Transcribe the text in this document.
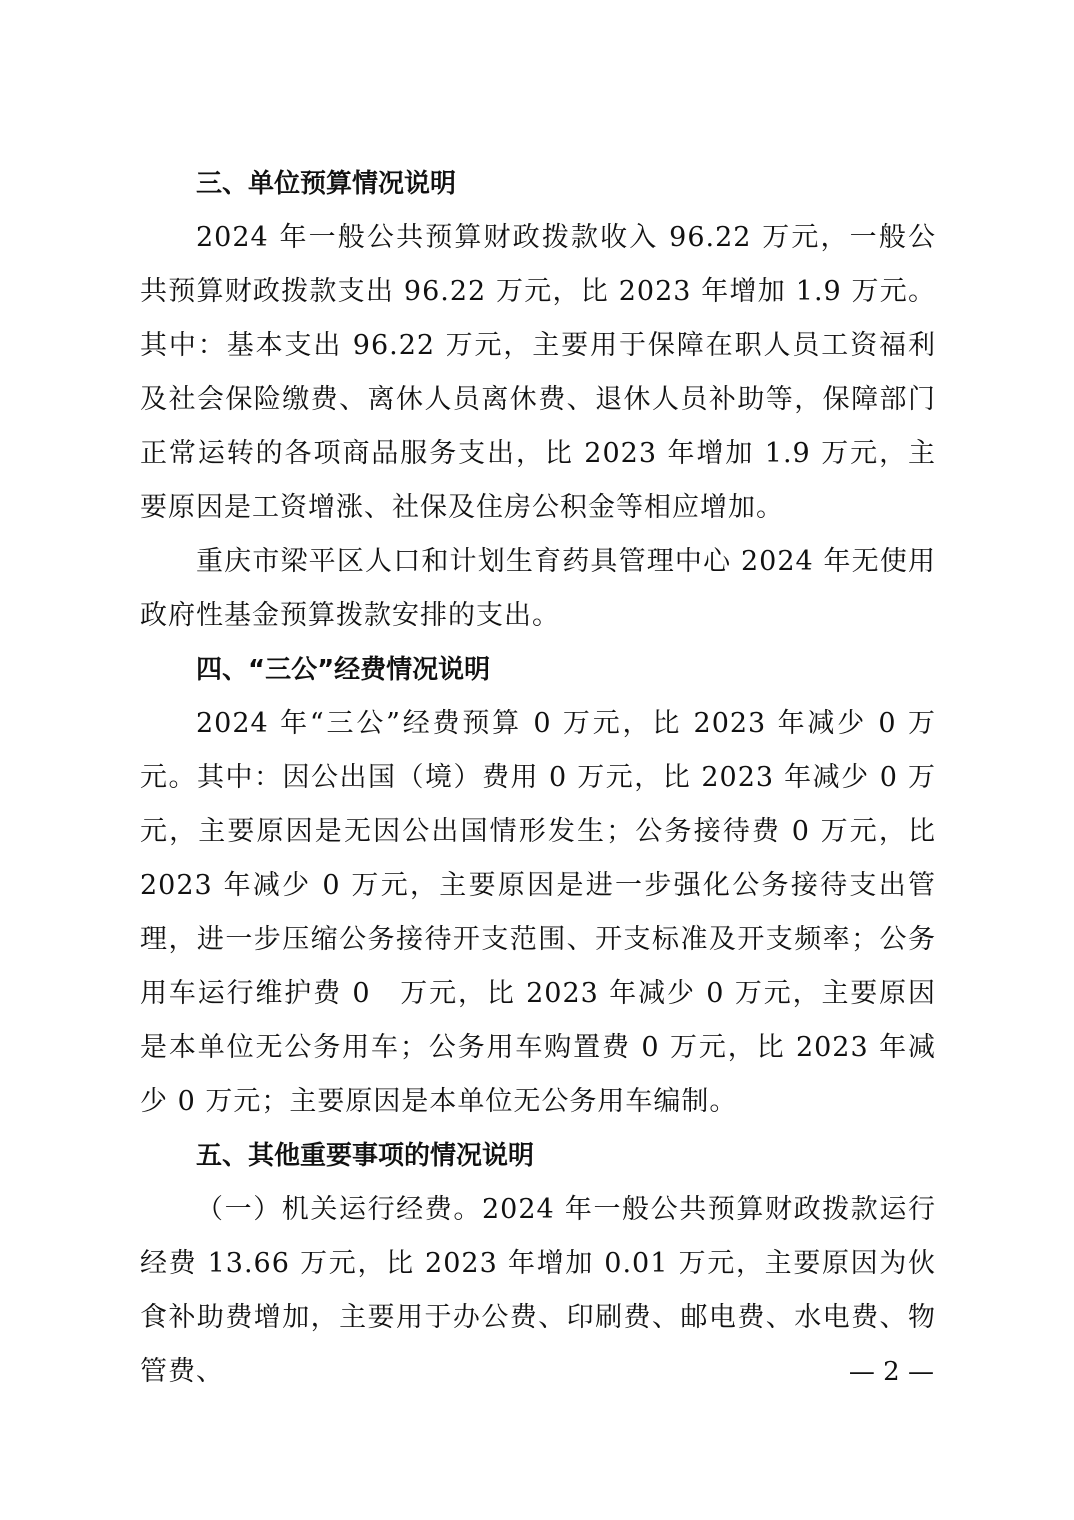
三、单位预算情况说明

2024 年一般公共预算财政拨款收入 96.22 万元，一般公共预算财政拨款支出 96.22 万元，比 2023 年增加 1.9 万元。其中：基本支出 96.22 万元，主要用于保障在职人员工资福利及社会保险缴费、离休人员离休费、退休人员补助等，保障部门正常运转的各项商品服务支出，比 2023 年增加 1.9 万元，主要原因是工资增涨、社保及住房公积金等相应增加。

重庆市梁平区人口和计划生育药具管理中心 2024 年无使用政府性基金预算拨款安排的支出。

四、“三公”经费情况说明

2024 年“三公”经费预算 0 万元，比 2023 年减少 0 万元。其中：因公出国（境）费用 0 万元，比 2023 年减少 0 万元，主要原因是无因公出国情形发生；公务接待费 0 万元，比 2023 年减少 0 万元，主要原因是进一步强化公务接待支出管理，进一步压缩公务接待开支范围、开支标准及开支频率；公务用车运行维护费 0　万元，比 2023 年减少 0 万元，主要原因是本单位无公务用车；公务用车购置费 0 万元，比 2023 年减少 0 万元；主要原因是本单位无公务用车编制。

五、其他重要事项的情况说明

（一）机关运行经费。2024 年一般公共预算财政拨款运行经费 13.66 万元，比 2023 年增加 0.01 万元，主要原因为伙食补助费增加，主要用于办公费、印刷费、邮电费、水电费、物管费、	— 2 —
